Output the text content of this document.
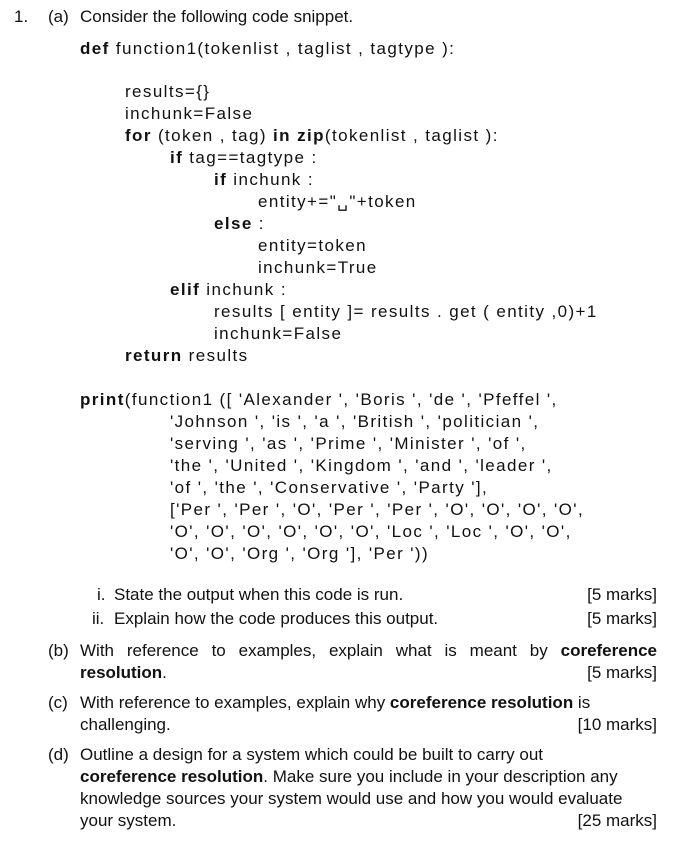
1. (a) Consider the following code snippet.
def function1(tokenlist , taglist , tagtype ):
results={}
inchunk=False
for (token , tag) in zip(tokenlist , taglist ):
if tag==tagtype :
if inchunk :
entity+="␣"+token
else :
entity=token
inchunk=True
elif inchunk :
results [ entity ]= results . get ( entity ,0)+1
inchunk=False
return results
print(function1 ([ 'Alexander ', 'Boris ', 'de ', 'Pfeffel ',
'Johnson ', 'is ', 'a ', 'British ', 'politician ',
'serving ', 'as ', 'Prime ', 'Minister ', 'of ',
'the ', 'United ', 'Kingdom ', 'and ', 'leader ',
'of ', 'the ', 'Conservative ', 'Party '],
['Per ', 'Per ', 'O', 'Per ', 'Per ', 'O', 'O', 'O', 'O',
'O', 'O', 'O', 'O', 'O', 'O', 'Loc ', 'Loc ', 'O', 'O',
'O', 'O', 'Org ', 'Org '], 'Per '))
i. State the output when this code is run.	[5 marks]
ii. Explain how the code produces this output.	[5 marks]
(b) With reference to examples, explain what is meant by coreference
resolution.	[5 marks]
(c) With reference to examples, explain why coreference resolution is
challenging.	[10 marks]
(d) Outline a design for a system which could be built to carry out
coreference resolution. Make sure you include in your description any
knowledge sources your system would use and how you would evaluate
your system.	[25 marks]
